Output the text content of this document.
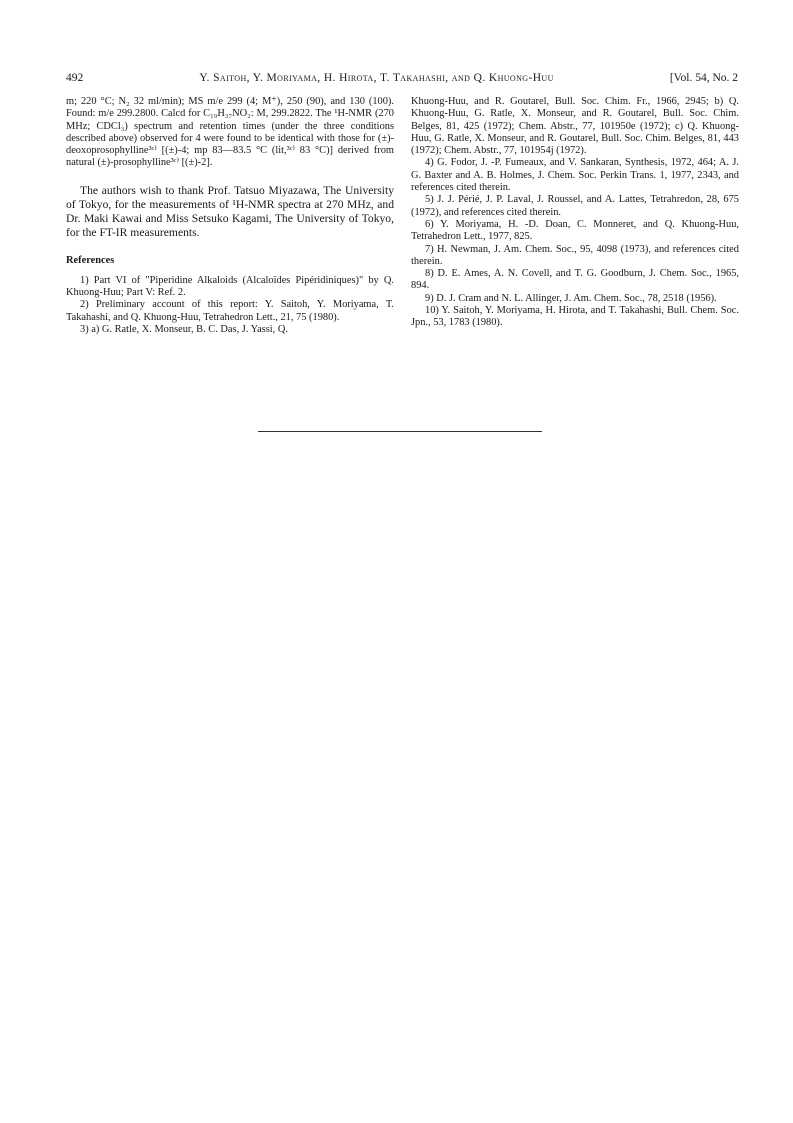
492	Y. Saitoh, Y. Moriyama, H. Hirota, T. Takahashi, and Q. Khuong-Huu	[Vol. 54, No. 2

m; 220 °C; N₂ 32 ml/min); MS m/e 299 (4; M⁺), 250 (90), and 130 (100). Found: m/e 299.2800. Calcd for C₁₉H₃₇NO₂: M, 299.2822. The ¹H-NMR (270 MHz; CDCl₃) spectrum and retention times (under the three conditions described above) observed for 4 were found to be identical with those for (±)-deoxoprosophylline³ᶜ⁾ [(±)-4; mp 83—83.5 °C (lit,³ᶜ⁾ 83 °C)] derived from natural (±)-prosophylline³ᶜ⁾ [(±)-2].

The authors wish to thank Prof. Tatsuo Miyazawa, The University of Tokyo, for the measurements of ¹H-NMR spectra at 270 MHz, and Dr. Maki Kawai and Miss Setsuko Kagami, The University of Tokyo, for the FT-IR measurements.

References

1) Part VI of "Piperidine Alkaloids (Alcaloïdes Pipéridiniques)" by Q. Khuong-Huu; Part V: Ref. 2.

2) Preliminary account of this report: Y. Saitoh, Y. Moriyama, T. Takahashi, and Q. Khuong-Huu, Tetrahedron Lett., 21, 75 (1980).

3) a) G. Ratle, X. Monseur, B. C. Das, J. Yassi, Q.

Khuong-Huu, and R. Goutarel, Bull. Soc. Chim. Fr., 1966, 2945; b) Q. Khuong-Huu, G. Ratle, X. Monseur, and R. Goutarel, Bull. Soc. Chim. Belges, 81, 425 (1972); Chem. Abstr., 77, 101950e (1972); c) Q. Khuong-Huu, G. Ratle, X. Monseur, and R. Goutarel, Bull. Soc. Chim. Belges, 81, 443 (1972); Chem. Abstr., 77, 101954j (1972).

4) G. Fodor, J. -P. Fumeaux, and V. Sankaran, Synthesis, 1972, 464; A. J. G. Baxter and A. B. Holmes, J. Chem. Soc. Perkin Trans. 1, 1977, 2343, and references cited therein.

5) J. J. Périé, J. P. Laval, J. Roussel, and A. Lattes, Tetrahredon, 28, 675 (1972), and references cited therein.

6) Y. Moriyama, H. -D. Doan, C. Monneret, and Q. Khuong-Huu, Tetrahedron Lett., 1977, 825.

7) H. Newman, J. Am. Chem. Soc., 95, 4098 (1973), and references cited therein.

8) D. E. Ames, A. N. Covell, and T. G. Goodburn, J. Chem. Soc., 1965, 894.

9) D. J. Cram and N. L. Allinger, J. Am. Chem. Soc., 78, 2518 (1956).

10) Y. Saitoh, Y. Moriyama, H. Hirota, and T. Takahashi, Bull. Chem. Soc. Jpn., 53, 1783 (1980).
